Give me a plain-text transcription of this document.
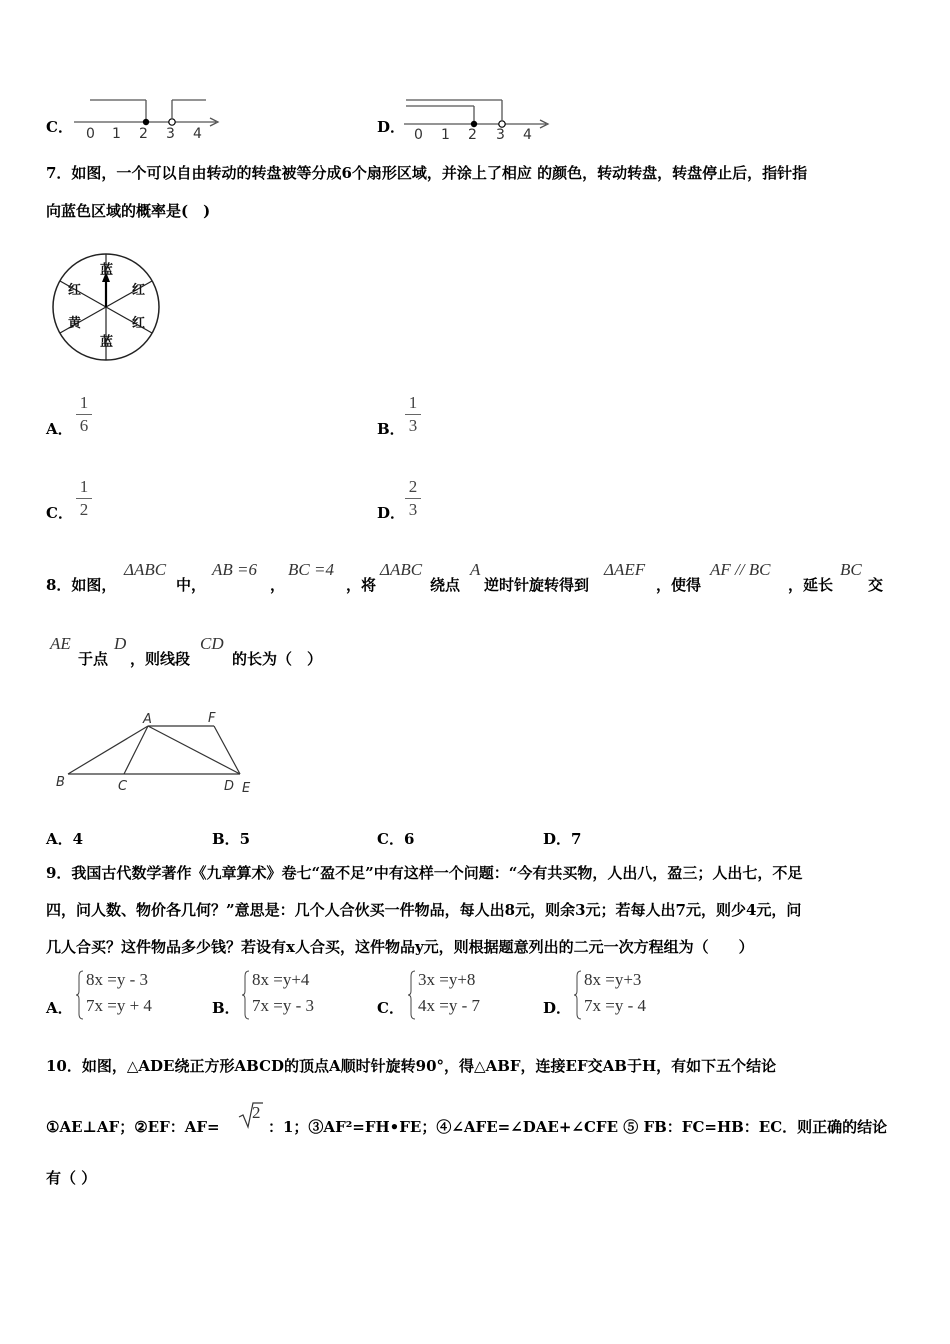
C． 0 1 2 3 4	D． 0 1 2 3 4
7．如图，一个可以自由转动的转盘被等分成6个扇形区域，并涂上了相应 的颜色，转动转盘，转盘停止后，指针指
向蓝色区域的概率是(　)
蓝
红
红
蓝
黄
红
A．
1
6	B．
1
3
C．
1
2	D．
2
3
8．如图，
ΔABC
中，
AB =6
，
BC =4
，将
ΔABC
绕点
A
逆时针旋转得到
ΔAEF
，使得
AF // BC
，延长
BC
交
AE
于点
D
，则线段
CD
的长为（　）
A	F
B	C	D E
A．4	B．5	C．6	D．7
9．我国古代数学著作《九章算术》卷七“盈不足”中有这样一个问题：“今有共买物，人出八，盈三；人出七，不足
四，问人数、物价各几何？”意思是：几个人合伙买一件物品，每人出8元，则余3元；若每人出7元，则少4元，问
几人合买？这件物品多少钱？若设有x人合买，这件物品y元，则根据题意列出的二元一次方程组为（　　）
A．
8x =y - 3
7x =y + 4	B．
8x =y+4
7x =y - 3	C．
3x =y+8
4x =y - 7	D．
8x =y+3
7x =y - 4
10．如图，△ADE绕正方形ABCD的顶点A顺时针旋转90°，得△ABF，连接EF交AB于H，有如下五个结论
①AE⊥AF；②EF：AF=
2
：1；③AF²=FH•FE；④∠AFE=∠DAE+∠CFE ⑤ FB：FC=HB：EC．则正确的结论
有（ ）
